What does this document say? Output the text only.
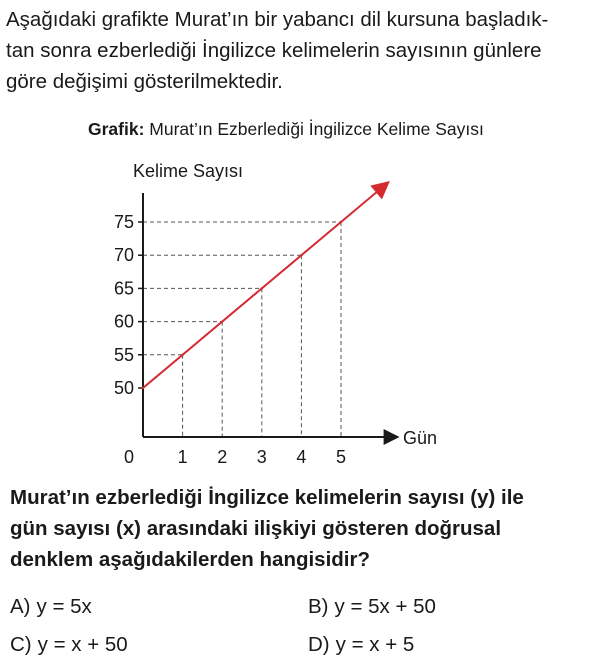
Aşağıdaki grafikte Murat’ın bir yabancı dil kursuna başladık-
tan sonra ezberlediği İngilizce kelimelerin sayısının günlere
göre değişimi gösterilmektedir.
Grafik: Murat’ın Ezberlediği İngilizce Kelime Sayısı
50
55
60
65
70
75
1 2 3 4 5
0
Kelime Sayısı
Gün
Murat’ın ezberlediği İngilizce kelimelerin sayısı (y) ile
gün sayısı (x) arasındaki ilişkiyi gösteren doğrusal
denklem aşağıdakilerden hangisidir?
A) y = 5x	B) y = 5x + 50
C) y = x + 50	D) y = x + 5
